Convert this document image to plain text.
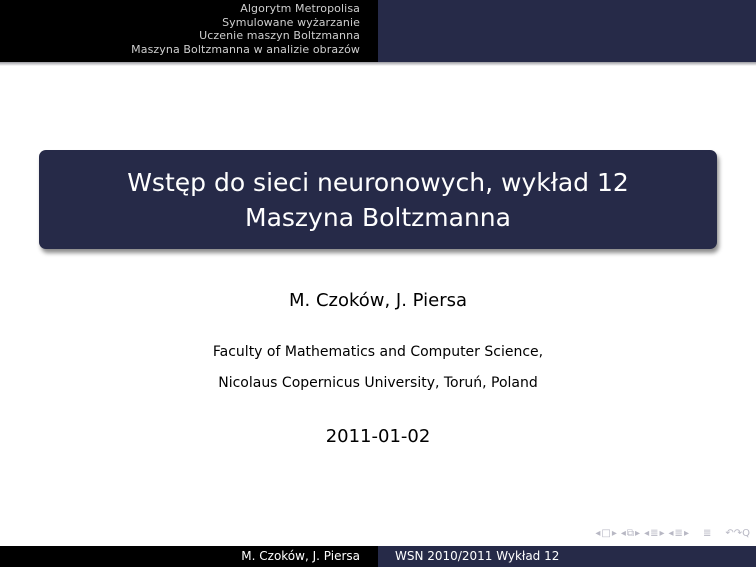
Algorytm Metropolisa
Symulowane wyżarzanie
Uczenie maszyn Boltzmanna
Maszyna Boltzmanna w analizie obrazów
Wstęp do sieci neuronowych, wykład 12
Maszyna Boltzmanna
M. Czoków, J. Piersa
Faculty of Mathematics and Computer Science,
Nicolaus Copernicus University, Toruń, Poland
2011-01-02
◂ □ ▸ ◂ ⧉ ▸ ◂ ≣ ▸ ◂ ≣ ▸ ≣ ↶↷Q
M. Czoków, J. Piersa	WSN 2010/2011 Wykład 12
